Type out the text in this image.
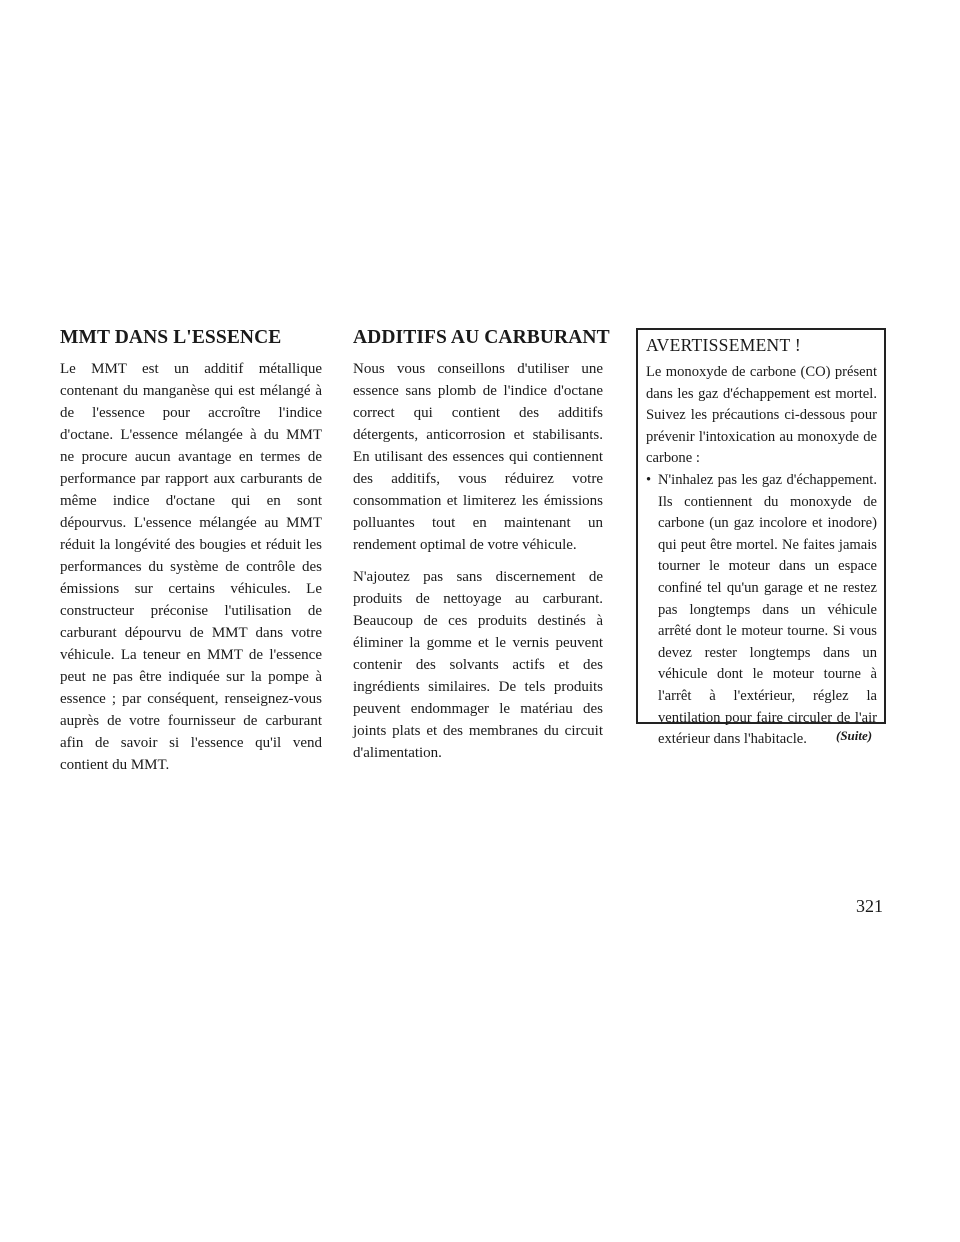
MMT DANS L'ESSENCE

Le MMT est un additif métallique contenant du manganèse qui est mélangé à de l'essence pour accroître l'indice d'octane. L'essence mélangée à du MMT ne procure aucun avantage en termes de performance par rapport aux carburants de même indice d'octane qui en sont dépourvus. L'essence mélangée au MMT réduit la longévité des bougies et réduit les performances du système de contrôle des émissions sur certains véhicules. Le constructeur préconise l'utilisation de carburant dépourvu de MMT dans votre véhicule. La teneur en MMT de l'essence peut ne pas être indiquée sur la pompe à essence ; par conséquent, renseignez-vous auprès de votre fournisseur de carburant afin de savoir si l'essence qu'il vend contient du MMT.

ADDITIFS AU CARBURANT

Nous vous conseillons d'utiliser une essence sans plomb de l'indice d'octane correct qui contient des additifs détergents, anticorrosion et stabilisants. En utilisant des essences qui contiennent des additifs, vous réduirez votre consommation et limiterez les émissions polluantes tout en maintenant un rendement optimal de votre véhicule.

N'ajoutez pas sans discernement de produits de nettoyage au carburant. Beaucoup de ces produits destinés à éliminer la gomme et le vernis peuvent contenir des solvants actifs et des ingrédients similaires. De tels produits peuvent endommager le matériau des joints plats et des membranes du circuit d'alimentation.

AVERTISSEMENT !

Le monoxyde de carbone (CO) présent dans les gaz d'échappement est mortel. Suivez les précautions ci-dessous pour prévenir l'intoxication au monoxyde de carbone :

• N'inhalez pas les gaz d'échappement. Ils contiennent du monoxyde de carbone (un gaz incolore et inodore) qui peut être mortel. Ne faites jamais tourner le moteur dans un espace confiné tel qu'un garage et ne restez pas longtemps dans un véhicule arrêté dont le moteur tourne. Si vous devez rester longtemps dans un véhicule dont le moteur tourne à l'arrêt à l'extérieur, réglez la ventilation pour faire circuler de l'air extérieur dans l'habitacle.	(Suite)
321
